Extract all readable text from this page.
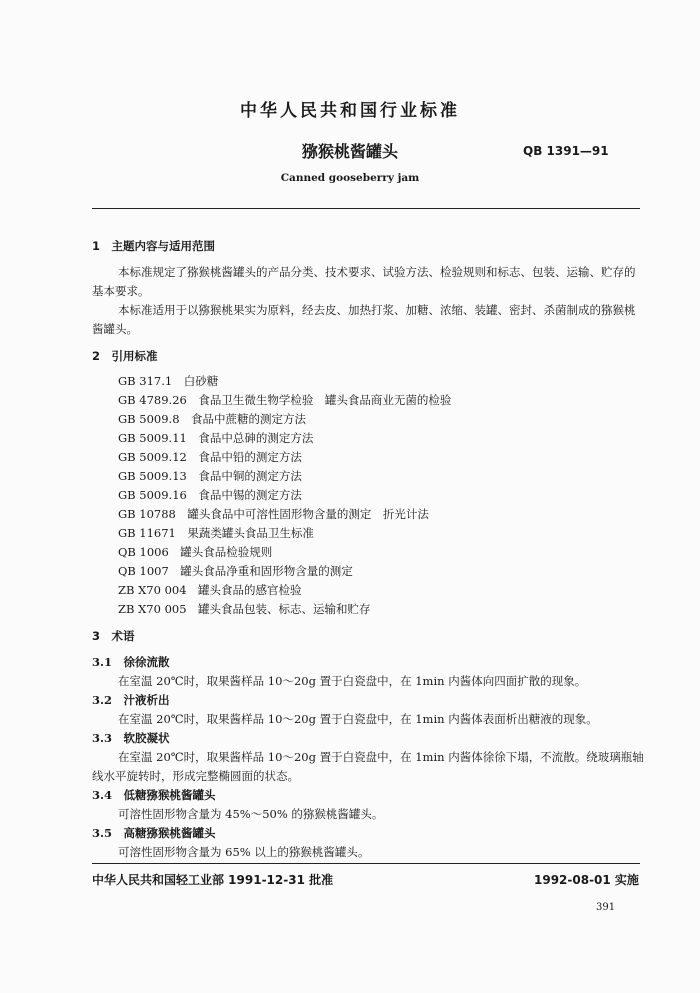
中华人民共和国行业标准
猕猴桃酱罐头	QB 1391—91
Canned gooseberry jam
1　主题内容与适用范围
本标准规定了猕猴桃酱罐头的产品分类、技术要求、试验方法、检验规则和标志、包装、运输、贮存的
基本要求。
本标准适用于以猕猴桃果实为原料，经去皮、加热打浆、加糖、浓缩、装罐、密封、杀菌制成的猕猴桃
酱罐头。
2　引用标准
GB 317.1　白砂糖
GB 4789.26　食品卫生微生物学检验　罐头食品商业无菌的检验
GB 5009.8　食品中蔗糖的测定方法
GB 5009.11　食品中总砷的测定方法
GB 5009.12　食品中铅的测定方法
GB 5009.13　食品中铜的测定方法
GB 5009.16　食品中锡的测定方法
GB 10788　罐头食品中可溶性固形物含量的测定　折光计法
GB 11671　果蔬类罐头食品卫生标准
QB 1006　罐头食品检验规则
QB 1007　罐头食品净重和固形物含量的测定
ZB X70 004　罐头食品的感官检验
ZB X70 005　罐头食品包装、标志、运输和贮存
3　术语
3.1　徐徐流散
在室温 20℃时，取果酱样品 10～20g 置于白瓷盘中，在 1min 内酱体向四面扩散的现象。
3.2　汁液析出
在室温 20℃时，取果酱样品 10～20g 置于白瓷盘中，在 1min 内酱体表面析出糖液的现象。
3.3　软胶凝状
在室温 20℃时，取果酱样品 10～20g 置于白瓷盘中，在 1min 内酱体徐徐下塌，不流散。绕玻璃瓶轴
线水平旋转时，形成完整椭圆面的状态。
3.4　低糖猕猴桃酱罐头
可溶性固形物含量为 45%～50% 的猕猴桃酱罐头。
3.5　高糖猕猴桃酱罐头
可溶性固形物含量为 65% 以上的猕猴桃酱罐头。
中华人民共和国轻工业部 1991-12-31 批准	1992-08-01 实施
391
